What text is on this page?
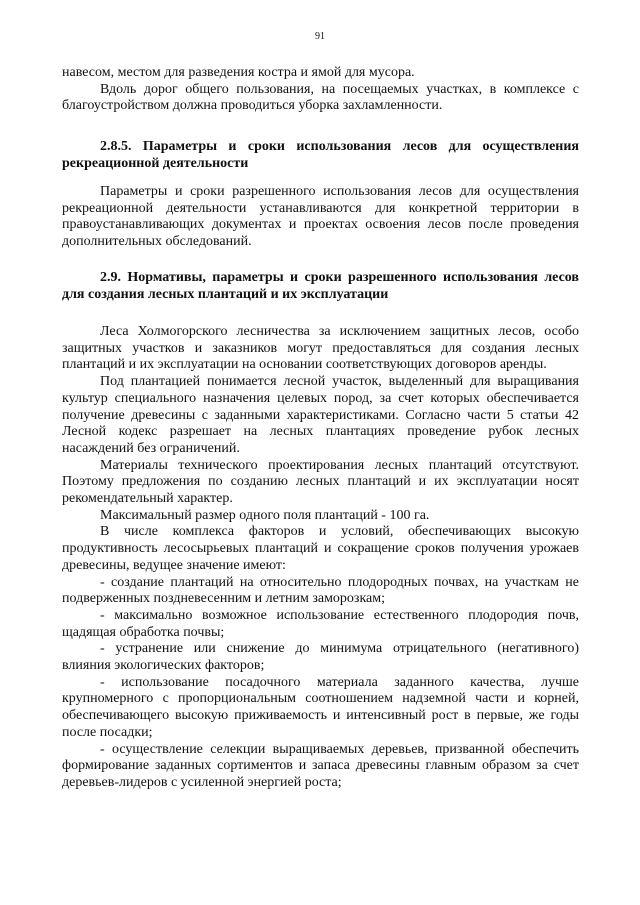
91

навесом, местом для разведения костра и ямой для мусора.

Вдоль дорог общего пользования, на посещаемых участках, в комплексе с благоустройством должна проводиться уборка захламленности.

2.8.5. Параметры и сроки использования лесов для осуществления рекреационной деятельности

Параметры и сроки разрешенного использования лесов для осуществления рекреационной деятельности устанавливаются для конкретной территории в правоустанавливающих документах и проектах освоения лесов после проведения дополнительных обследований.

2.9. Нормативы, параметры и сроки разрешенного использования лесов для создания лесных плантаций и их эксплуатации

Леса Холмогорского лесничества за исключением защитных лесов, особо защитных участков и заказников могут предоставляться для создания лесных плантаций и их эксплуатации на основании соответствующих договоров аренды.

Под плантацией понимается лесной участок, выделенный для выращивания культур специального назначения целевых пород, за счет которых обеспечивается получение древесины с заданными характеристиками. Согласно части 5 статьи 42 Лесной кодекс разрешает на лесных плантациях проведение рубок лесных насаждений без ограничений.

Материалы технического проектирования лесных плантаций отсутствуют. Поэтому предложения по созданию лесных плантаций и их эксплуатации носят рекомендательный характер.

Максимальный размер одного поля плантаций - 100 га.

В числе комплекса факторов и условий, обеспечивающих высокую продуктивность лесосырьевых плантаций и сокращение сроков получения урожаев древесины, ведущее значение имеют:

- создание плантаций на относительно плодородных почвах, на участкам не подверженных поздневесенним и летним заморозкам;

- максимально возможное использование естественного плодородия почв, щадящая обработка почвы;

- устранение или снижение до минимума отрицательного (негативного) влияния экологических факторов;

- использование посадочного материала заданного качества, лучше крупномерного с пропорциональным соотношением надземной части и корней, обеспечивающего высокую приживаемость и интенсивный рост в первые, же годы после посадки;

- осуществление селекции выращиваемых деревьев, призванной обеспечить формирование заданных сортиментов и запаса древесины главным образом за счет деревьев-лидеров с усиленной энергией роста;
